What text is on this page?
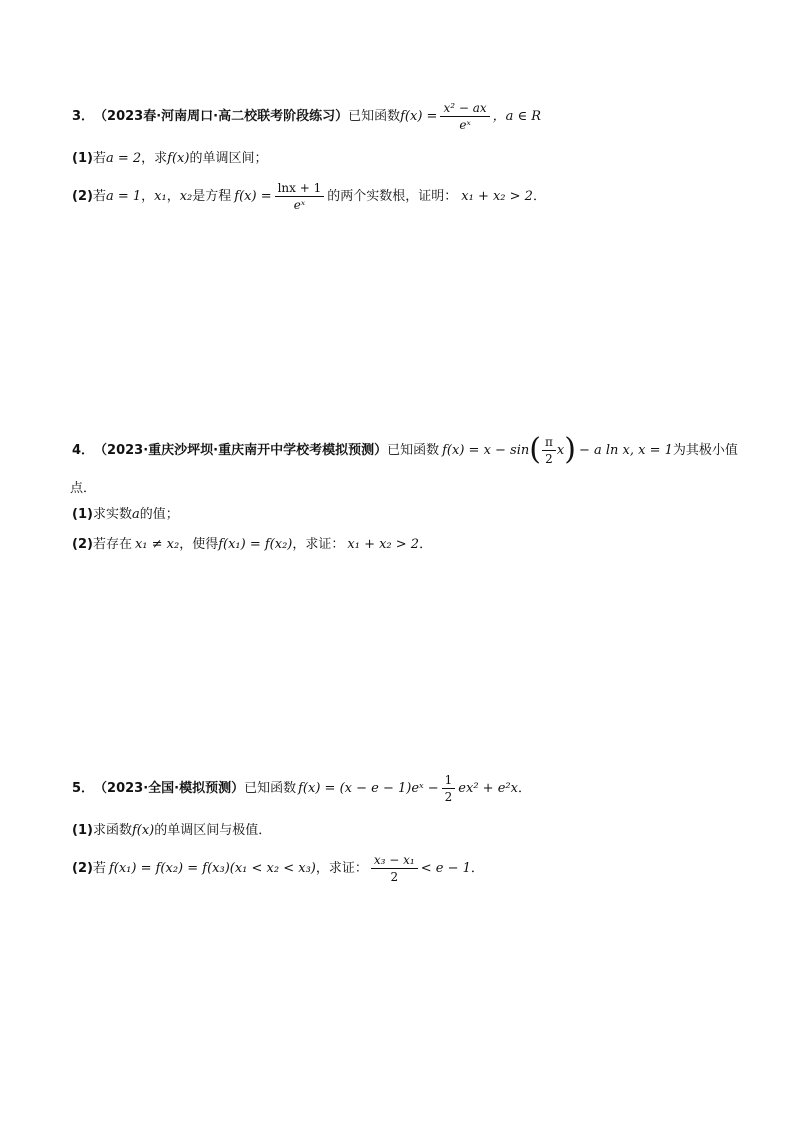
3． （2023春·河南周口·高二校联考阶段练习） 已知函数 $f(x) = \frac{\text{x² − ax}}{\text{eˣ}}$ ，a ∈ R
(1) 若 a = 2 ，求 f(x) 的单调区间；
(2) 若 a = 1 ， x₁ ， x₂ 是方程 $f(x) = \frac{\ln x + 1}{\text{eˣ}}$ 的两个实数根，证明： x₁ + x₂ > 2 ．
4． （2023·重庆沙坪坝·重庆南开中学校考模拟预测） 已知函数 f(x) = x − sin ( $\frac{\pi}{2}$ x ) − a ln x, x = 1 为其极小值
点．
(1) 求实数 a 的值；
(2) 若存在 x₁ ≠ x₂ ，使得 f(x₁) = f(x₂) ，求证： x₁ + x₂ > 2 ．
5． （2023·全国·模拟预测） 已知函数 f(x) = (x − e − 1)eˣ − $\frac{1}{2} ex^2 + e^2x$ ．
(1) 求函数 f(x) 的单调区间与极值．
(2) 若 f(x₁) = f(x₂) = f(x₃)(x₁ < x₂ < x₃) ，求证： $\frac{\text{x₃ − x₁}}{2} < e - 1$ ．
